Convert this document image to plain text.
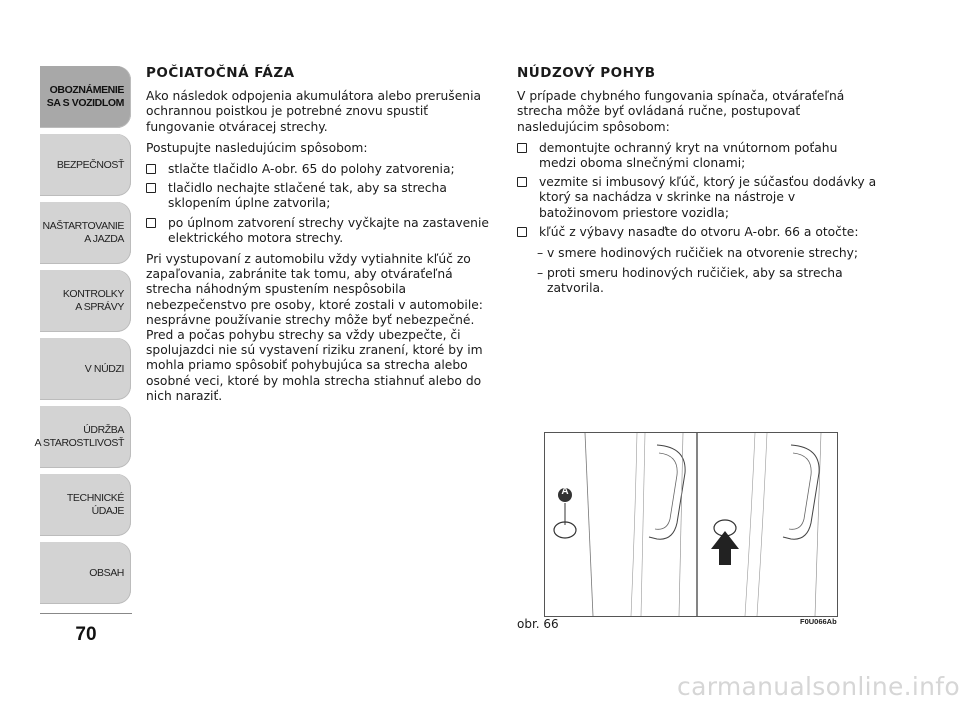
OBOZNÁMENIE
SA S VOZIDLOM
BEZPEČNOSŤ
NAŠTARTOVANIE
A JAZDA
KONTROLKY
A SPRÁVY
V NÚDZI
ÚDRŽBA
A STAROSTLIVOSŤ
TECHNICKÉ
ÚDAJE
OBSAH
70
POČIATOČNÁ FÁZA
Ako následok odpojenia akumulátora alebo prerušenia ochrannou poistkou je potrebné znovu spustiť fungovanie otváracej strechy.
Postupujte nasledujúcim spôsobom:
stlačte tlačidlo A-obr. 65 do polohy zatvorenia;
tlačidlo nechajte stlačené tak, aby sa strecha sklopením úplne zatvorila;
po úplnom zatvorení strechy vyčkajte na zastavenie elektrického motora strechy.
Pri vystupovaní z automobilu vždy vytiahnite kľúč zo zapaľovania, zabránite tak tomu, aby otváraťeľná strecha náhodným spustením nespôsobila nebezpečenstvo pre osoby, ktoré zostali v automobile: nesprávne používanie strechy môže byť nebezpečné. Pred a počas pohybu strechy sa vždy ubezpečte, či spolujazdci nie sú vystavení riziku zranení, ktoré by im mohla priamo spôsobiť pohybujúca sa strecha alebo osobné veci, ktoré by mohla strecha stiahnuť alebo do nich naraziť.
NÚDZOVÝ POHYB
V prípade chybného fungovania spínača, otváraťeľná strecha môže byť ovládaná ručne, postupovať nasledujúcim spôsobom:
demontujte ochranný kryt na vnútornom poťahu medzi oboma slnečnými clonami;
vezmite si imbusový kľúč, ktorý je súčasťou dodávky a ktorý sa nachádza v skrinke na nástroje v batožinovom priestore vozidla;
kľúč z výbavy nasaďte do otvoru A-obr. 66 a otočte:
– v smere hodinových ručičiek na otvorenie strechy;
– proti smeru hodinových ručičiek, aby sa strecha zatvorila.
A
obr. 66	F0U066Ab
carmanualsonline.info
